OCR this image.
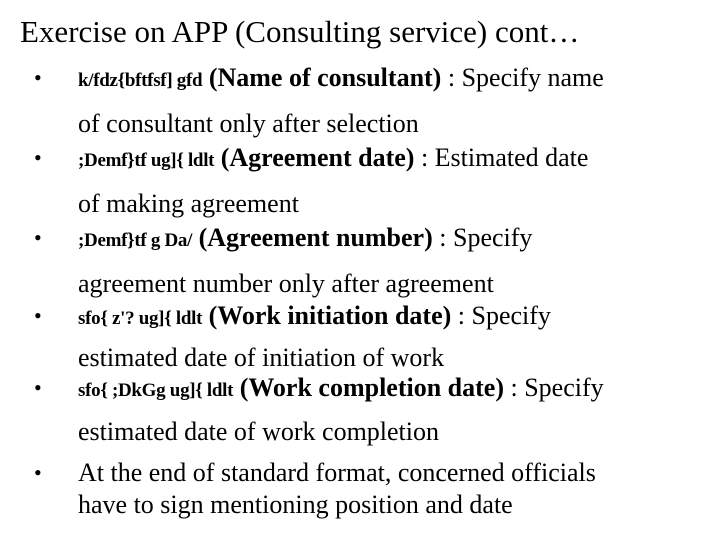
Exercise on APP (Consulting service) cont…
• k/fdz{bftfsf] gfd (Name of consultant) : Specify name
of consultant only after selection
• ;Demf}tf ug]{ ldlt (Agreement date) : Estimated date
of making agreement
• ;Demf}tf g Da/ (Agreement number) : Specify
agreement number only after agreement
• sfo{ z'? ug]{ ldlt (Work initiation date) : Specify
estimated date of initiation of work
• sfo{ ;DkGg ug]{ ldlt (Work completion date) : Specify
estimated date of work completion
• At the end of standard format, concerned officials
have to sign mentioning position and date
